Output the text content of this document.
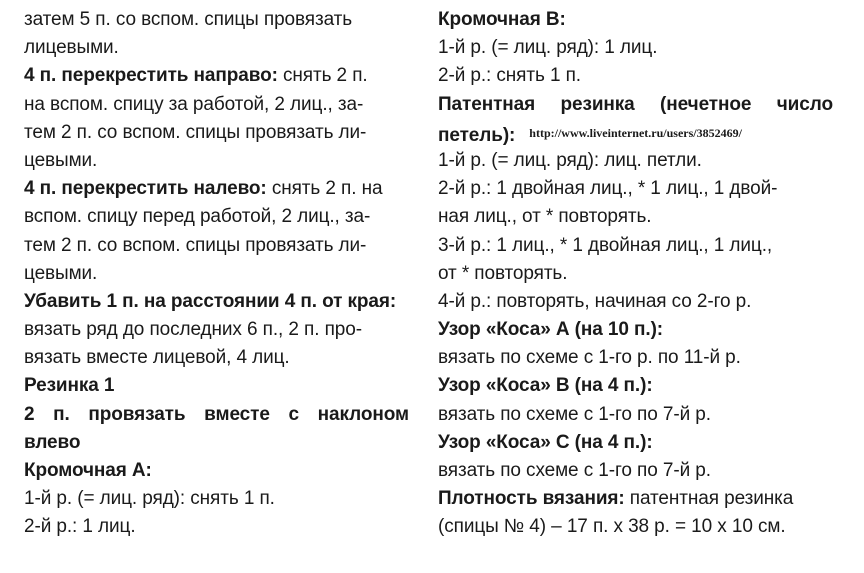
затем 5 п. со вспом. спицы провязать
лицевыми.
4 п. перекрестить направо: снять 2 п.
на вспом. спицу за работой, 2 лиц., за-
тем 2 п. со вспом. спицы провязать ли-
цевыми.
4 п. перекрестить налево: снять 2 п. на
вспом. спицу перед работой, 2 лиц., за-
тем 2 п. со вспом. спицы провязать ли-
цевыми.
Убавить 1 п. на расстоянии 4 п. от края:
вязать ряд до последних 6 п., 2 п. про-
вязать вместе лицевой, 4 лиц.
Резинка 1
2 п. провязать вместе с наклоном
влево
Кромочная А:
1-й р. (= лиц. ряд): снять 1 п.
2-й р.: 1 лиц.
Кромочная В:
1-й р. (= лиц. ряд): 1 лиц.
2-й р.: снять 1 п.
Патентная резинка (нечетное число
петель): $^{http://www.liveinternet.ru/users/3852469/}$
1-й р. (= лиц. ряд): лиц. петли.
2-й р.: 1 двойная лиц., * 1 лиц., 1 двой-
ная лиц., от * повторять.
3-й р.: 1 лиц., * 1 двойная лиц., 1 лиц.,
от * повторять.
4-й р.: повторять, начиная со 2-го р.
Узор «Коса» А (на 10 п.):
вязать по схеме с 1-го р. по 11-й р.
Узор «Коса» В (на 4 п.):
вязать по схеме с 1-го по 7-й р.
Узор «Коса» С (на 4 п.):
вязать по схеме с 1-го по 7-й р.
Плотность вязания: патентная резинка
(спицы № 4) – 17 п. х 38 р. = 10 х 10 см.
